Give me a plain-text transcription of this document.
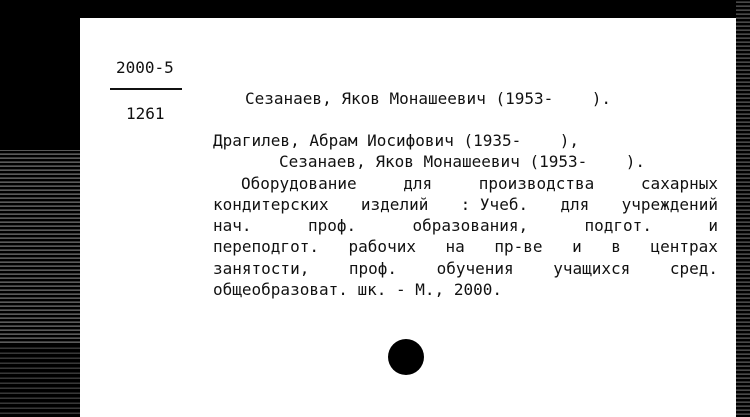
2000-5
1261
Сезанаев, Яков Монашеевич (1953-    ).
Драгилев, Абрам Иосифович (1935-    ),
Сезанаев, Яков Монашеевич (1953-    ).
Оборудование	для	производства	сахарных
кондитерских изделий : Учеб. для учреждений
нач.	проф.	образования,	подгот.	и
переподгот. рабочих на пр-ве и в центрах
занятости, проф. обучения учащихся сред.
общеобразоват. шк. - М., 2000.
